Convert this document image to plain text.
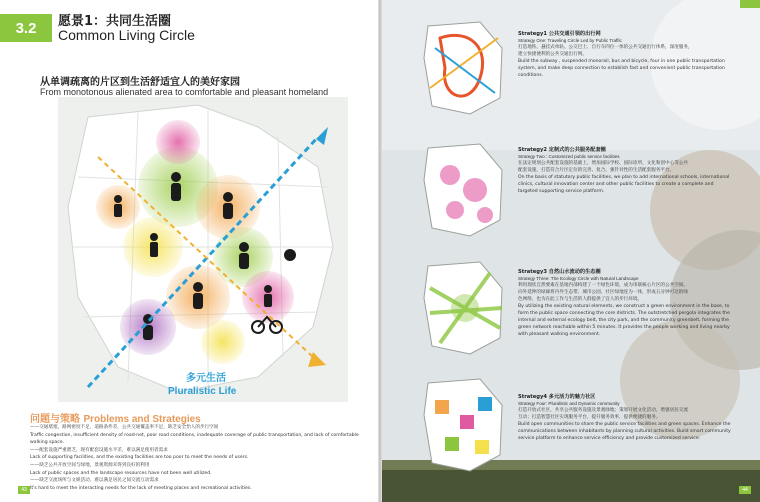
3.2	愿景1：共同生活圈
Common Living Circle
从单调疏离的片区到生活舒适宜人的美好家园
From monotonous alienated area to comfortable and pleasant homeland
多元生活
Pluralistic Life
问题与策略 Problems and Strategies
——交通堵塞，路网密度不足，道路条件差，公共交通覆盖率不足，缺乏安全怡人的步行空间
Traffic congestion, insufficient density of road-net, poor road conditions, inadequate coverage of public transportation, and lack of comfortable walking space.
——配套设施严重匮乏，现有配套设施水平差，难以满足使用者需求
Lack of supporting facilities, and the existing facilities are too poor to meet the needs of users.
——缺乏公共开放空间与绿地，景观资源未得到良好的利用
Lack of public spaces and the landscape resources have not been well utilized.
——缺乏交流场所与文娱活动，难以满足居民之间交流互动需求
It's hard to meet the interacting needs for the lack of meeting places and recreational activities.
43
Strategy1 公共交通引领的出行网
Strategy One: Traveling Circle Led by Public Traffic
打造地铁、悬挂式单轨、公交巴士、自行车四位一体的公共交通出行体系，深度服务，
建立快捷便利的公共交通出行网。
Build the subway , suspended monorail, bus and bicycle, four in one public transportation
system, and make deep connection to establish fast and convenient public transportation
conditions.
Strategy2 定制式的公共服务配套圈
Strategy Two : Customized public service facilities
在法定规划公共配套设施的基础上，增加国际学校、国际诊所、文化和创中心等公共
配套设施，打造符合片区定位的完善、复合、强针对性的生活配套服务平台。
On the basis of statutory public facilities, we plan to add international schools, international
clinics, cultural innovation center and other public facilities to create a complete and
targeted supporting service platform.
Strategy3 自然山水流动的生态圈
Strategy Three: The Ecology Circle with Natural Landscape
利用现状自然要素在基地内部构建了一个绿色环境，成为串联核心片区的公共空间。
向外延伸的绿廊将内外生态带、城市公园、社区绿地连为一体，形成五分钟可达的绿
色网络，也为在此工作与生活的人群提供了宜人的步行环境。
By utilizing the existing natural elements, we construct a green environment in the base, to
form the public space connecting the core districts. The outstretched pergola integrates the
internal and external ecology belt, the city park, and the community greenbelt, forming the
green network reachable within 5 minutes. It provides the people working and living nearby
with pleasant walking environment.
Strategy4 多元活力的魅力社区
Strategy Four: Pluralistic and Dynamic community
打造开放式社区，共享公共服务设施及景观绿地；策划开展文化活动，增强居民交流
互动；打造智慧社区实现服务平台，提升服务效率，提供便捷的服务。
Build open communities to share the public service facilities and green spaces. Enhance the
communications between inhabitants by planning cultural activities. Build smart community
service platform to enhance service efficiency and provide customized service.
44
